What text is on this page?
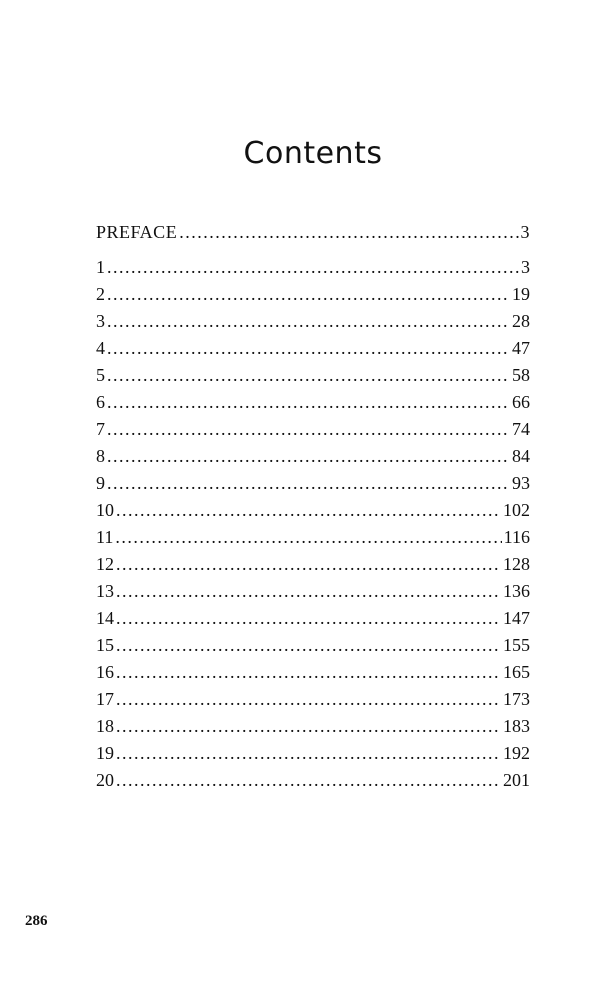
Contents
PREFACE .....	3
1 .....	3
2 .....	19
3 .....	28
4 .....	47
5 .....	58
6 .....	66
7 .....	74
8 .....	84
9 .....	93
10 .....	102
11 .....	116
12 .....	128
13 .....	136
14 .....	147
15 .....	155
16 .....	165
17 .....	173
18 .....	183
19 .....	192
20 .....	201
286
